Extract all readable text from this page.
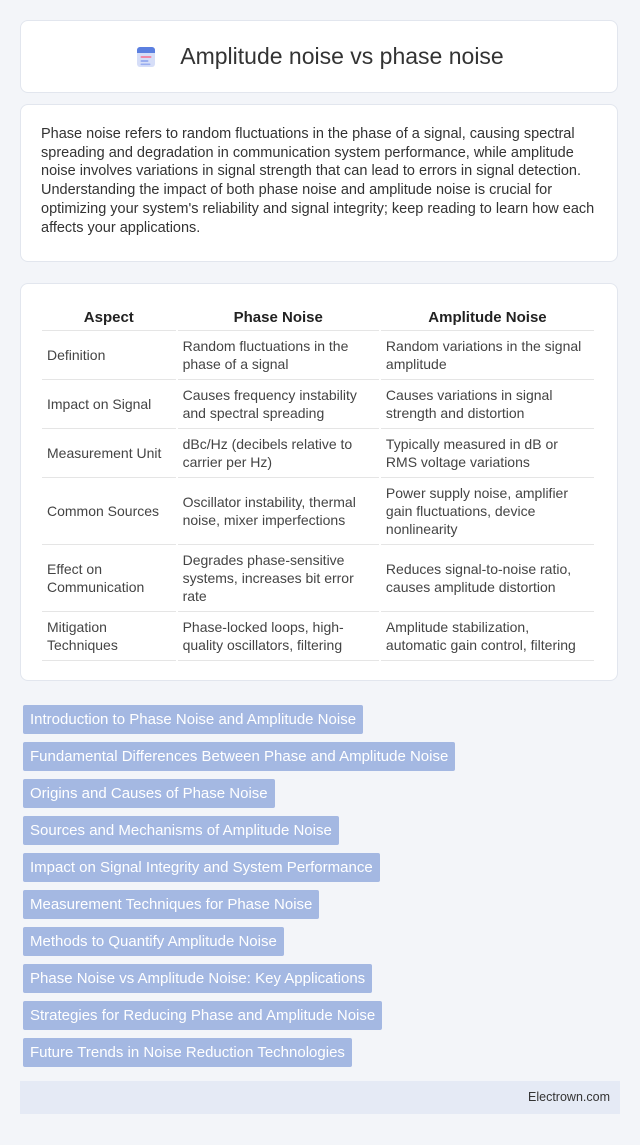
Amplitude noise vs phase noise

Phase noise refers to random fluctuations in the phase of a signal, causing spectral spreading and degradation in communication system performance, while amplitude noise involves variations in signal strength that can lead to errors in signal detection. Understanding the impact of both phase noise and amplitude noise is crucial for optimizing your system's reliability and signal integrity; keep reading to learn how each affects your applications.

Aspect	Phase Noise	Amplitude Noise
Definition	Random fluctuations in the phase of a signal	Random variations in the signal amplitude
Impact on Signal	Causes frequency instability and spectral spreading	Causes variations in signal strength and distortion
Measurement Unit	dBc/Hz (decibels relative to carrier per Hz)	Typically measured in dB or RMS voltage variations
Common Sources	Oscillator instability, thermal noise, mixer imperfections	Power supply noise, amplifier gain fluctuations, device nonlinearity
Effect on Communication	Degrades phase-sensitive systems, increases bit error rate	Reduces signal-to-noise ratio, causes amplitude distortion
Mitigation Techniques	Phase-locked loops, high-quality oscillators, filtering	Amplitude stabilization, automatic gain control, filtering
Introduction to Phase Noise and Amplitude Noise
Fundamental Differences Between Phase and Amplitude Noise
Origins and Causes of Phase Noise
Sources and Mechanisms of Amplitude Noise
Impact on Signal Integrity and System Performance
Measurement Techniques for Phase Noise
Methods to Quantify Amplitude Noise
Phase Noise vs Amplitude Noise: Key Applications
Strategies for Reducing Phase and Amplitude Noise
Future Trends in Noise Reduction Technologies
Electrown.com
